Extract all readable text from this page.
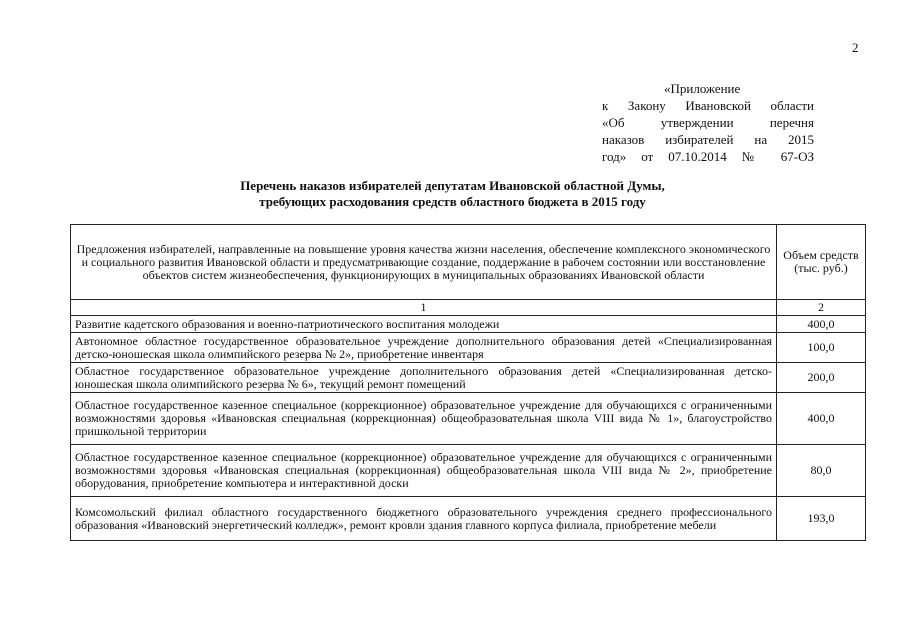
2
«Приложение
к Закону Ивановской области
«Об утверждении перечня
наказов избирателей на 2015
год» от 07.10.2014 № 67-ОЗ
Перечень наказов избирателей депутатам Ивановской областной Думы,
требующих расходования средств областного бюджета в 2015 году
Предложения избирателей, направленные на повышение уровня качества жизни населения, обеспечение комплексного экономического и социального развития Ивановской области и предусматривающие создание, поддержание в рабочем состоянии или восстановление объектов систем жизнеобеспечения, функционирующих в муниципальных образованиях Ивановской области	Объем средств (тыс. руб.)
1	2
Развитие кадетского образования и военно-патриотического воспитания молодежи	400,0
Автономное областное государственное образовательное учреждение дополнительного образования детей «Специализированная детско-юношеская школа олимпийского резерва № 2», приобретение инвентаря	100,0
Областное государственное образовательное учреждение дополнительного образования детей «Специализированная детско-юношеская школа олимпийского резерва № 6», текущий ремонт помещений	200,0
Областное государственное казенное специальное (коррекционное) образовательное учреждение для обучающихся с ограниченными возможностями здоровья «Ивановская специальная (коррекционная) общеобразовательная школа VIII вида № 1», благоустройство пришкольной территории	400,0
Областное государственное казенное специальное (коррекционное) образовательное учреждение для обучающихся с ограниченными возможностями здоровья «Ивановская специальная (коррекционная) общеобразовательная школа VIII вида № 2», приобретение оборудования, приобретение компьютера и интерактивной доски	80,0
Комсомольский филиал областного государственного бюджетного образовательного учреждения среднего профессионального образования «Ивановский энергетический колледж», ремонт кровли здания главного корпуса филиала, приобретение мебели	193,0
